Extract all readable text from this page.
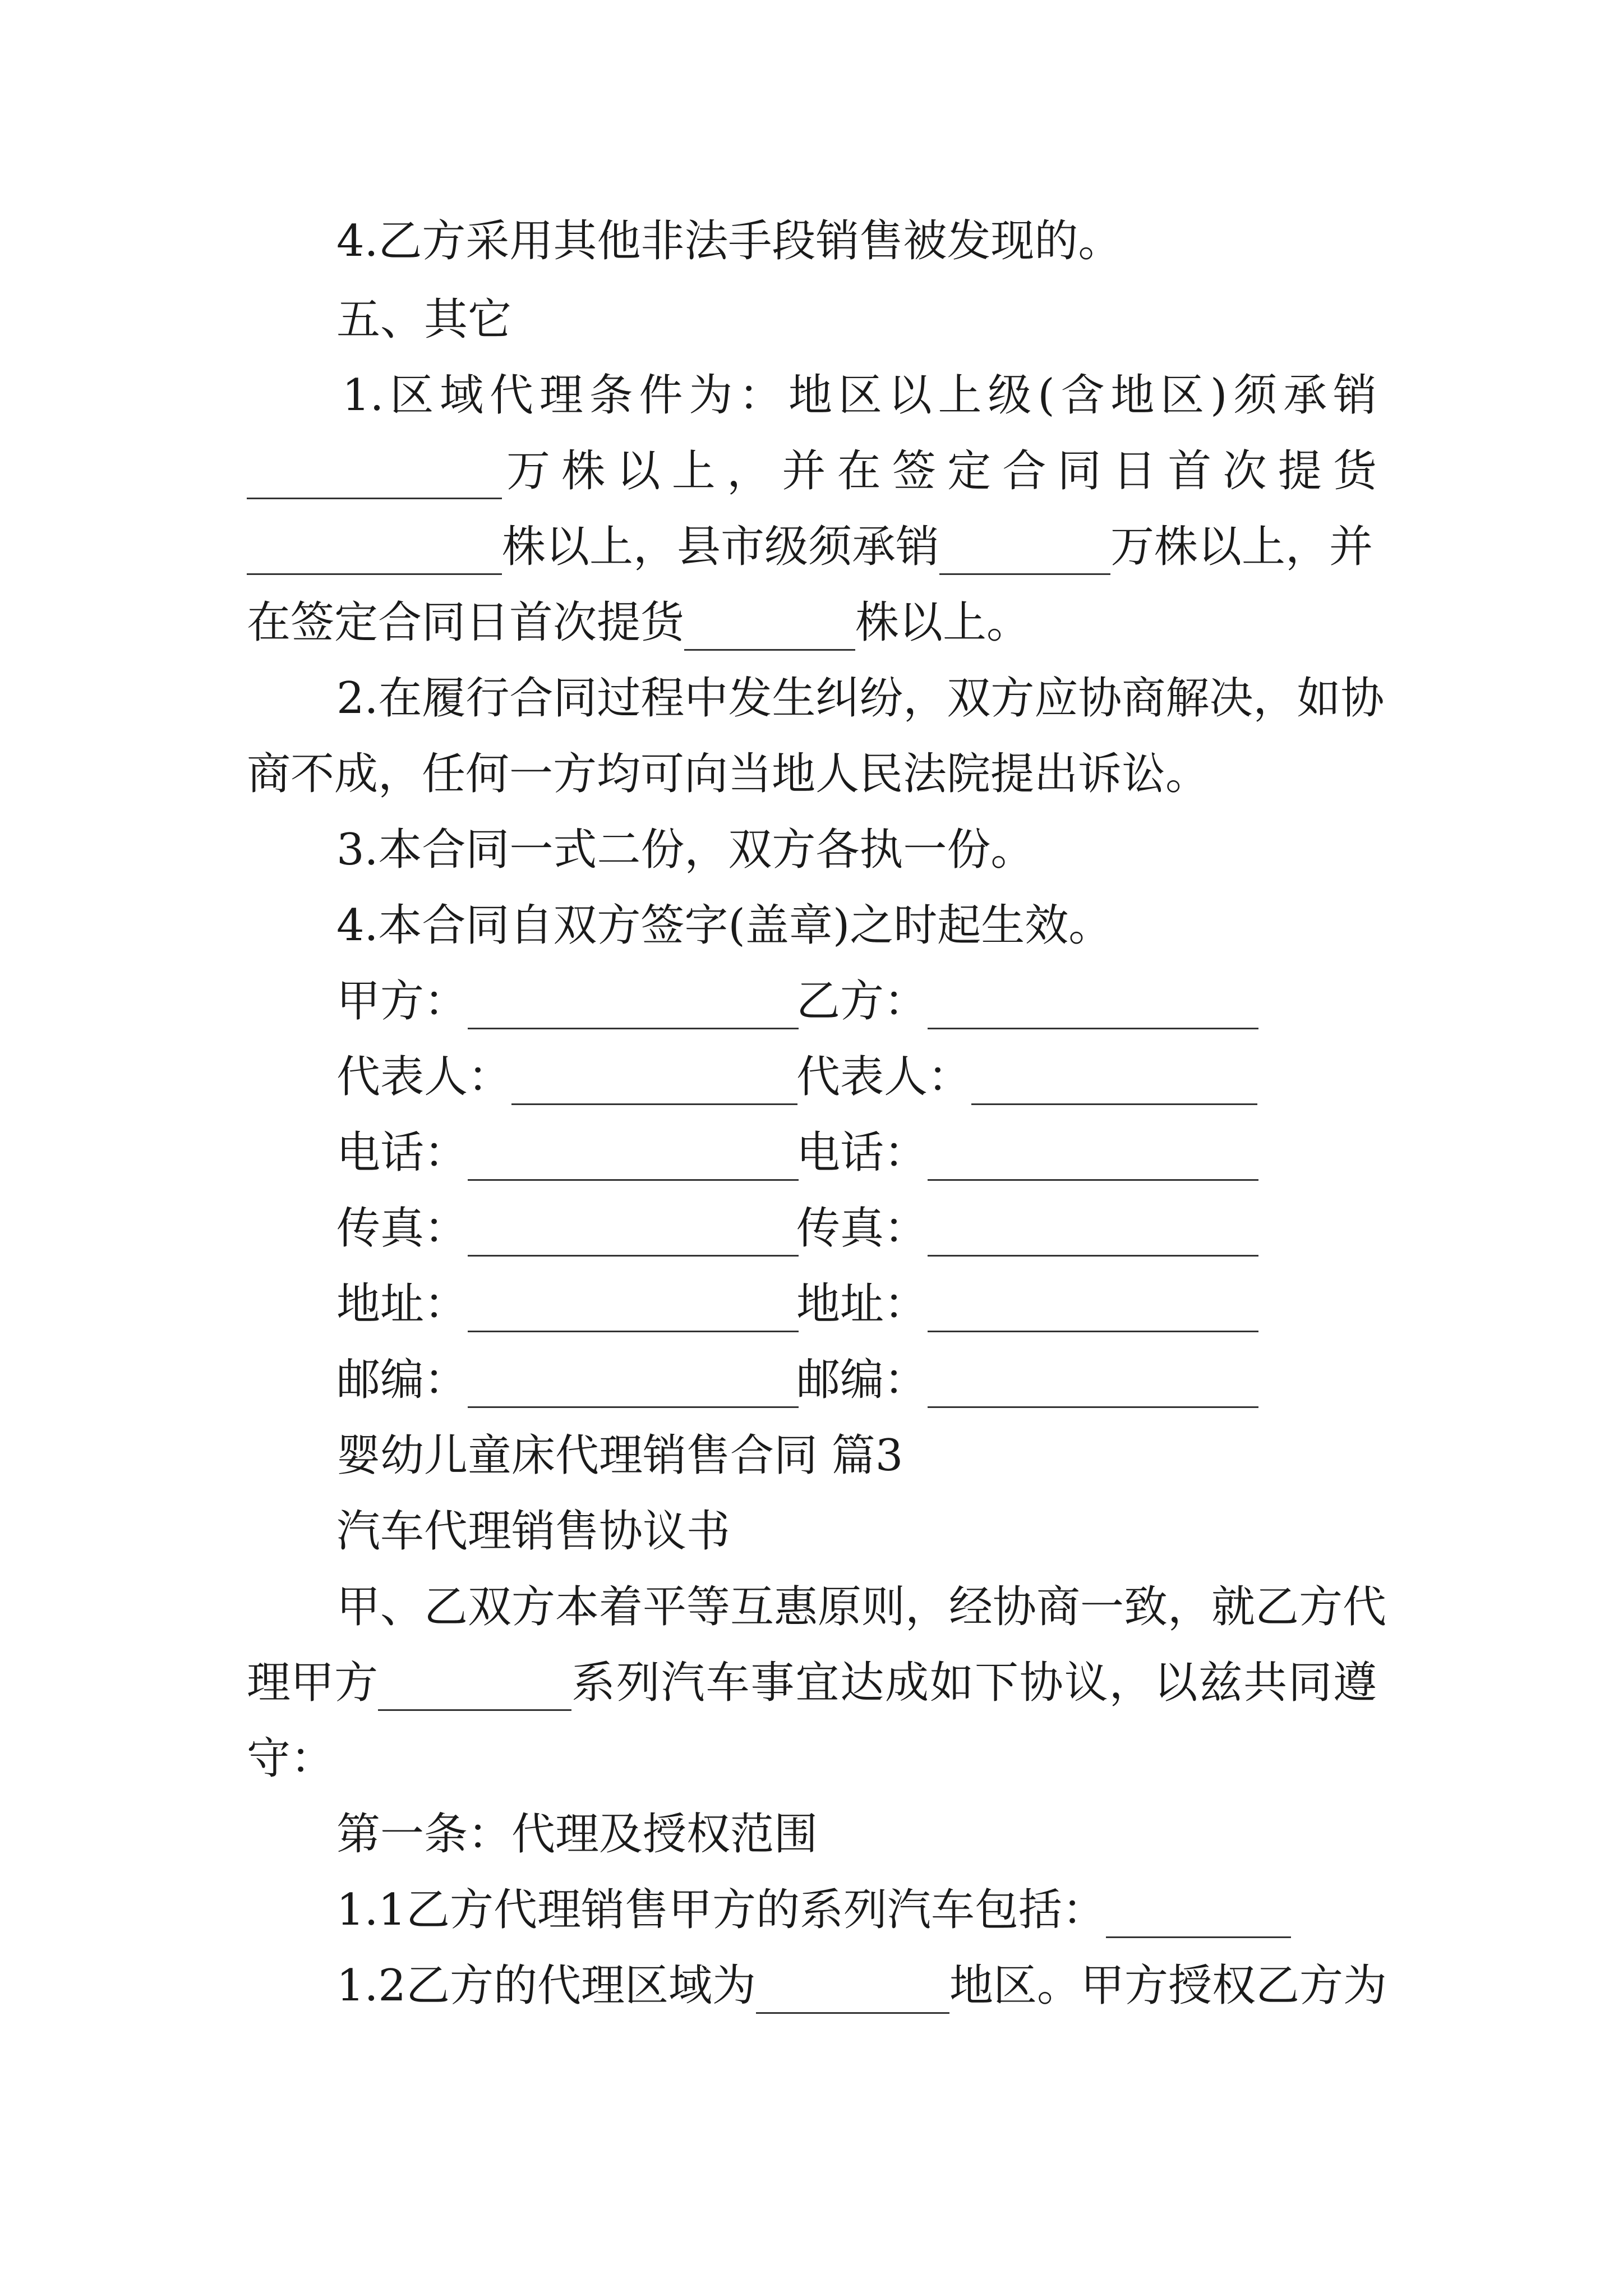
4.乙方采用其他非法手段销售被发现的。
五、其它
1.区域代理条件为：地区以上级(含地区)须承销
万株以上，并在签定合同日首次提货
株以上，县市级须承销	万株以上，并
在签定合同日首次提货	株以上。
2.在履行合同过程中发生纠纷，双方应协商解决，如协
商不成，任何一方均可向当地人民法院提出诉讼。
3.本合同一式二份，双方各执一份。
4.本合同自双方签字(盖章)之时起生效。
甲方：	乙方：
代表人：	代表人：
电话：	电话：
传真：	传真：
地址：	地址：
邮编：	邮编：
婴幼儿童床代理销售合同 篇3
汽车代理销售协议书
甲、乙双方本着平等互惠原则，经协商一致，就乙方代
理甲方	系列汽车事宜达成如下协议，以兹共同遵
守：
第一条：代理及授权范围
1.1乙方代理销售甲方的系列汽车包括：
1.2乙方的代理区域为	地区。甲方授权乙方为
